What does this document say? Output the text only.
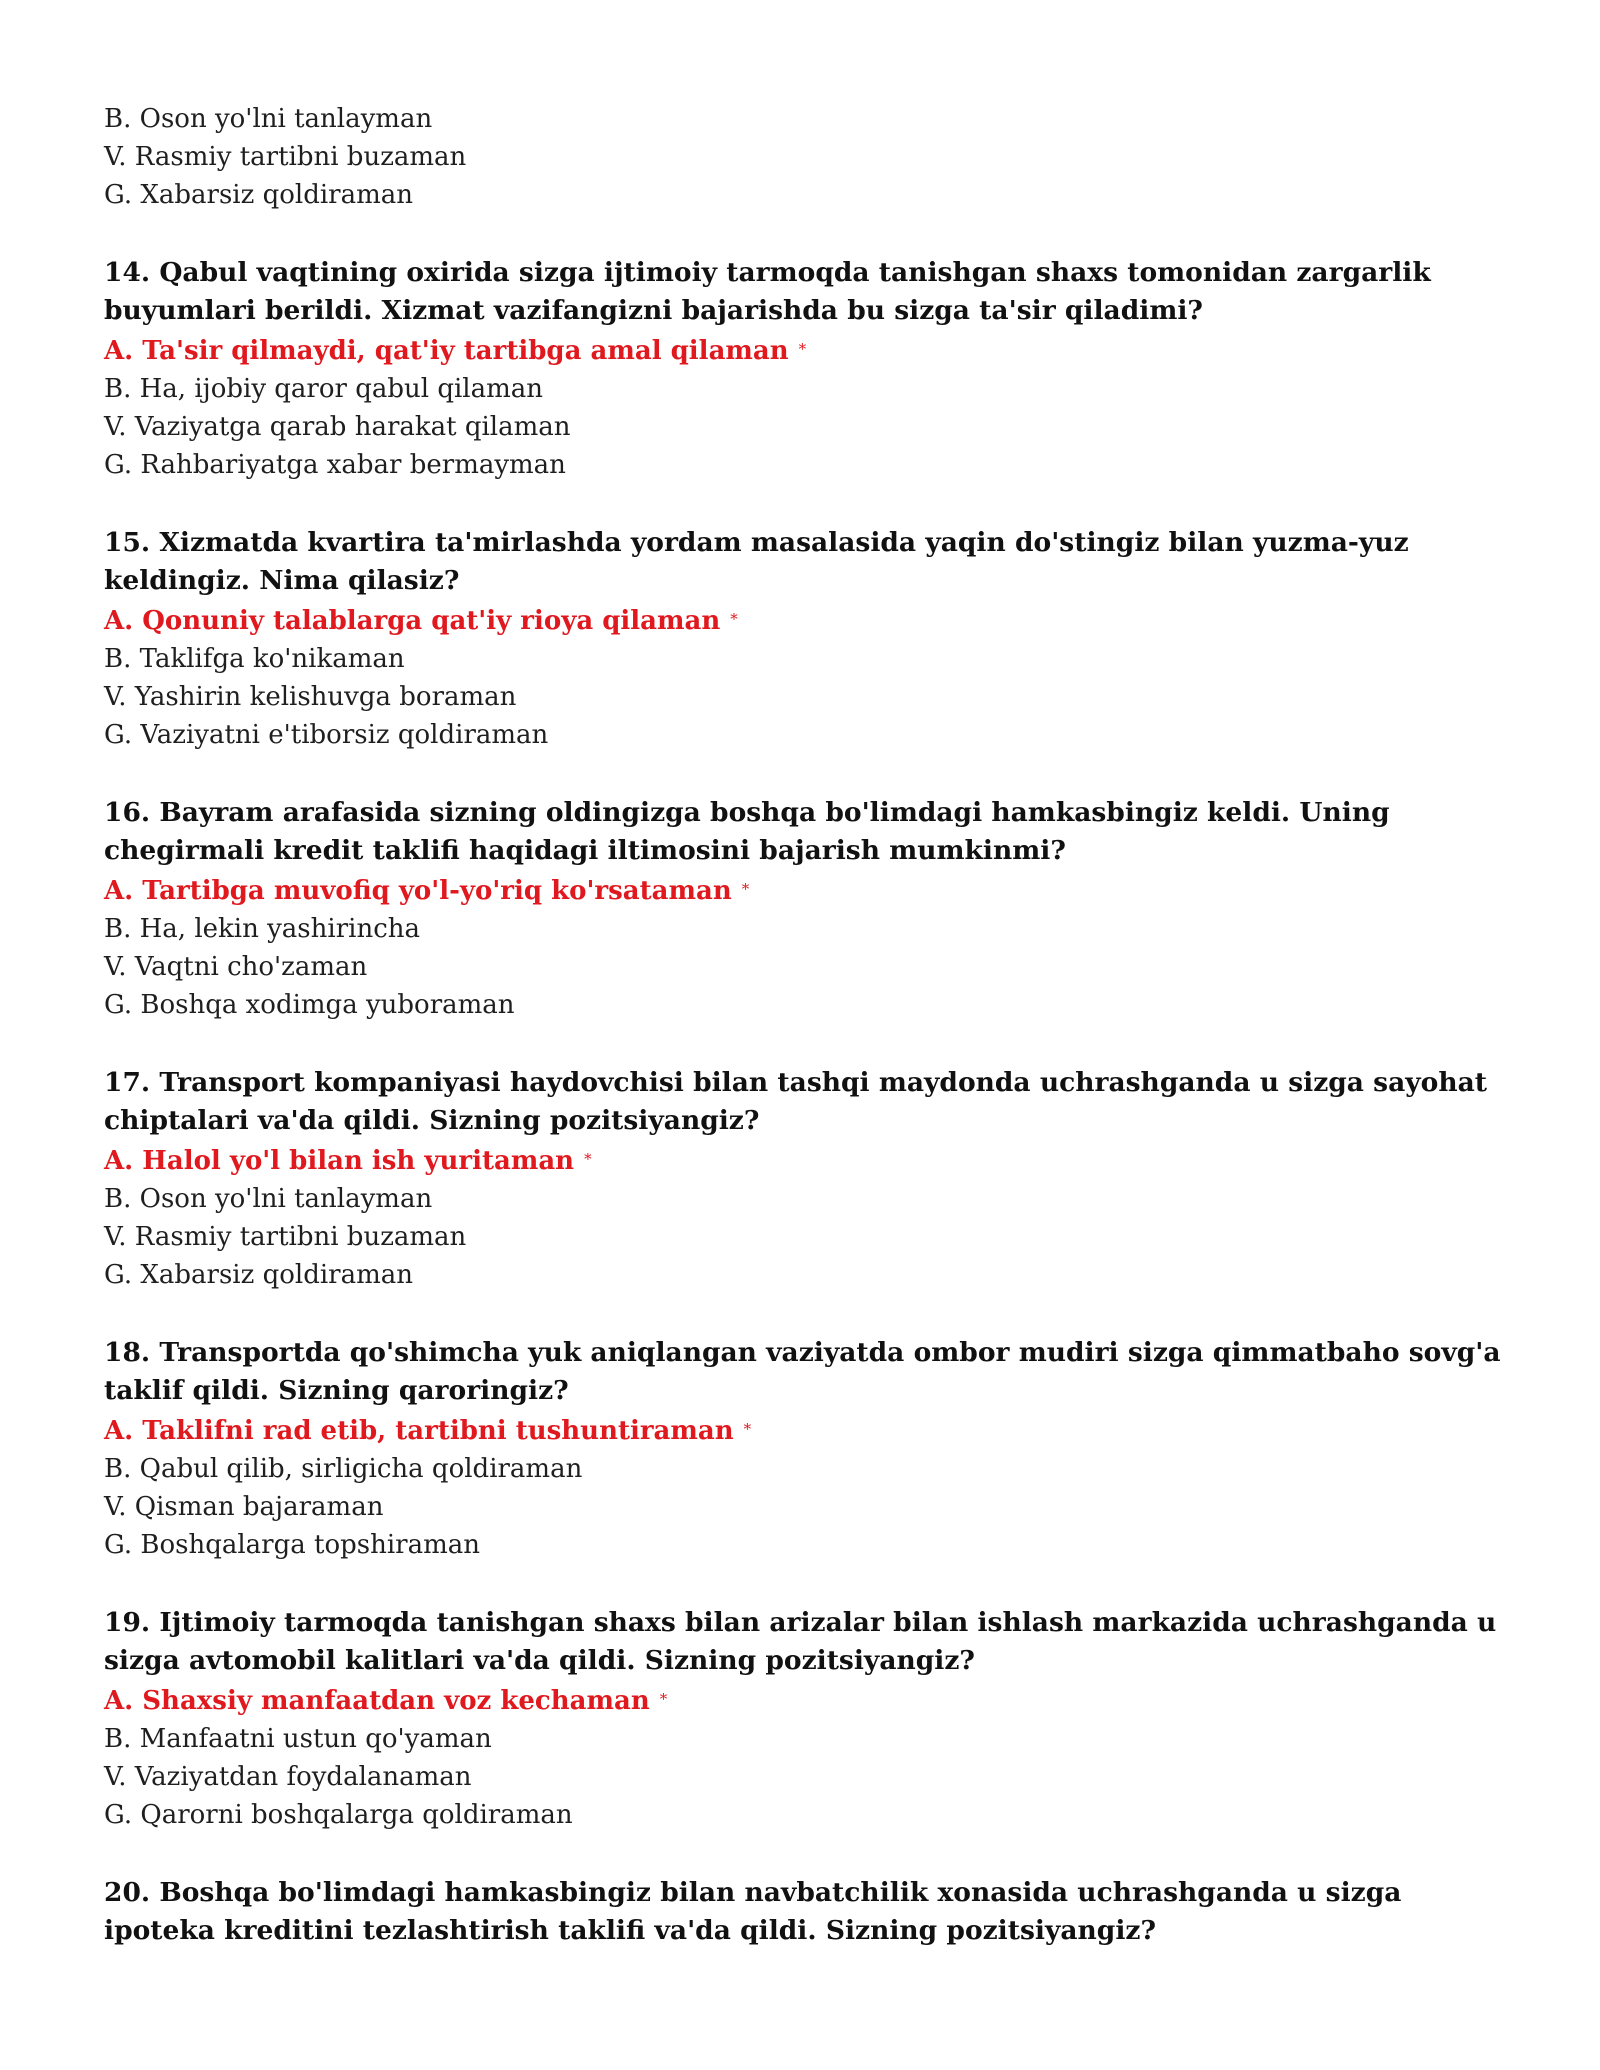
B. Oson yo'lni tanlayman
V. Rasmiy tartibni buzaman
G. Xabarsiz qoldiraman
14. Qabul vaqtining oxirida sizga ijtimoiy tarmoqda tanishgan shaxs tomonidan zargarlik buyumlari berildi. Xizmat vazifangizni bajarishda bu sizga ta'sir qiladimi?
A. Ta'sir qilmaydi, qat'iy tartibga amal qilaman *
B. Ha, ijobiy qaror qabul qilaman
V. Vaziyatga qarab harakat qilaman
G. Rahbariyatga xabar bermayman
15. Xizmatda kvartira ta'mirlashda yordam masalasida yaqin do'stingiz bilan yuzma-yuz keldingiz. Nima qilasiz?
A. Qonuniy talablarga qat'iy rioya qilaman *
B. Taklifga ko'nikaman
V. Yashirin kelishuvga boraman
G. Vaziyatni e'tiborsiz qoldiraman
16. Bayram arafasida sizning oldingizga boshqa bo'limdagi hamkasbingiz keldi. Uning chegirmali kredit taklifi haqidagi iltimosini bajarish mumkinmi?
A. Tartibga muvofiq yo'l-yo'riq ko'rsataman *
B. Ha, lekin yashirincha
V. Vaqtni cho'zaman
G. Boshqa xodimga yuboraman
17. Transport kompaniyasi haydovchisi bilan tashqi maydonda uchrashganda u sizga sayohat chiptalari va'da qildi. Sizning pozitsiyangiz?
A. Halol yo'l bilan ish yuritaman *
B. Oson yo'lni tanlayman
V. Rasmiy tartibni buzaman
G. Xabarsiz qoldiraman
18. Transportda qo'shimcha yuk aniqlangan vaziyatda ombor mudiri sizga qimmatbaho sovg'a taklif qildi. Sizning qaroringiz?
A. Taklifni rad etib, tartibni tushuntiraman *
B. Qabul qilib, sirligicha qoldiraman
V. Qisman bajaraman
G. Boshqalarga topshiraman
19. Ijtimoiy tarmoqda tanishgan shaxs bilan arizalar bilan ishlash markazida uchrashganda u sizga avtomobil kalitlari va'da qildi. Sizning pozitsiyangiz?
A. Shaxsiy manfaatdan voz kechaman *
B. Manfaatni ustun qo'yaman
V. Vaziyatdan foydalanaman
G. Qarorni boshqalarga qoldiraman
20. Boshqa bo'limdagi hamkasbingiz bilan navbatchilik xonasida uchrashganda u sizga ipoteka kreditini tezlashtirish taklifi va'da qildi. Sizning pozitsiyangiz?
